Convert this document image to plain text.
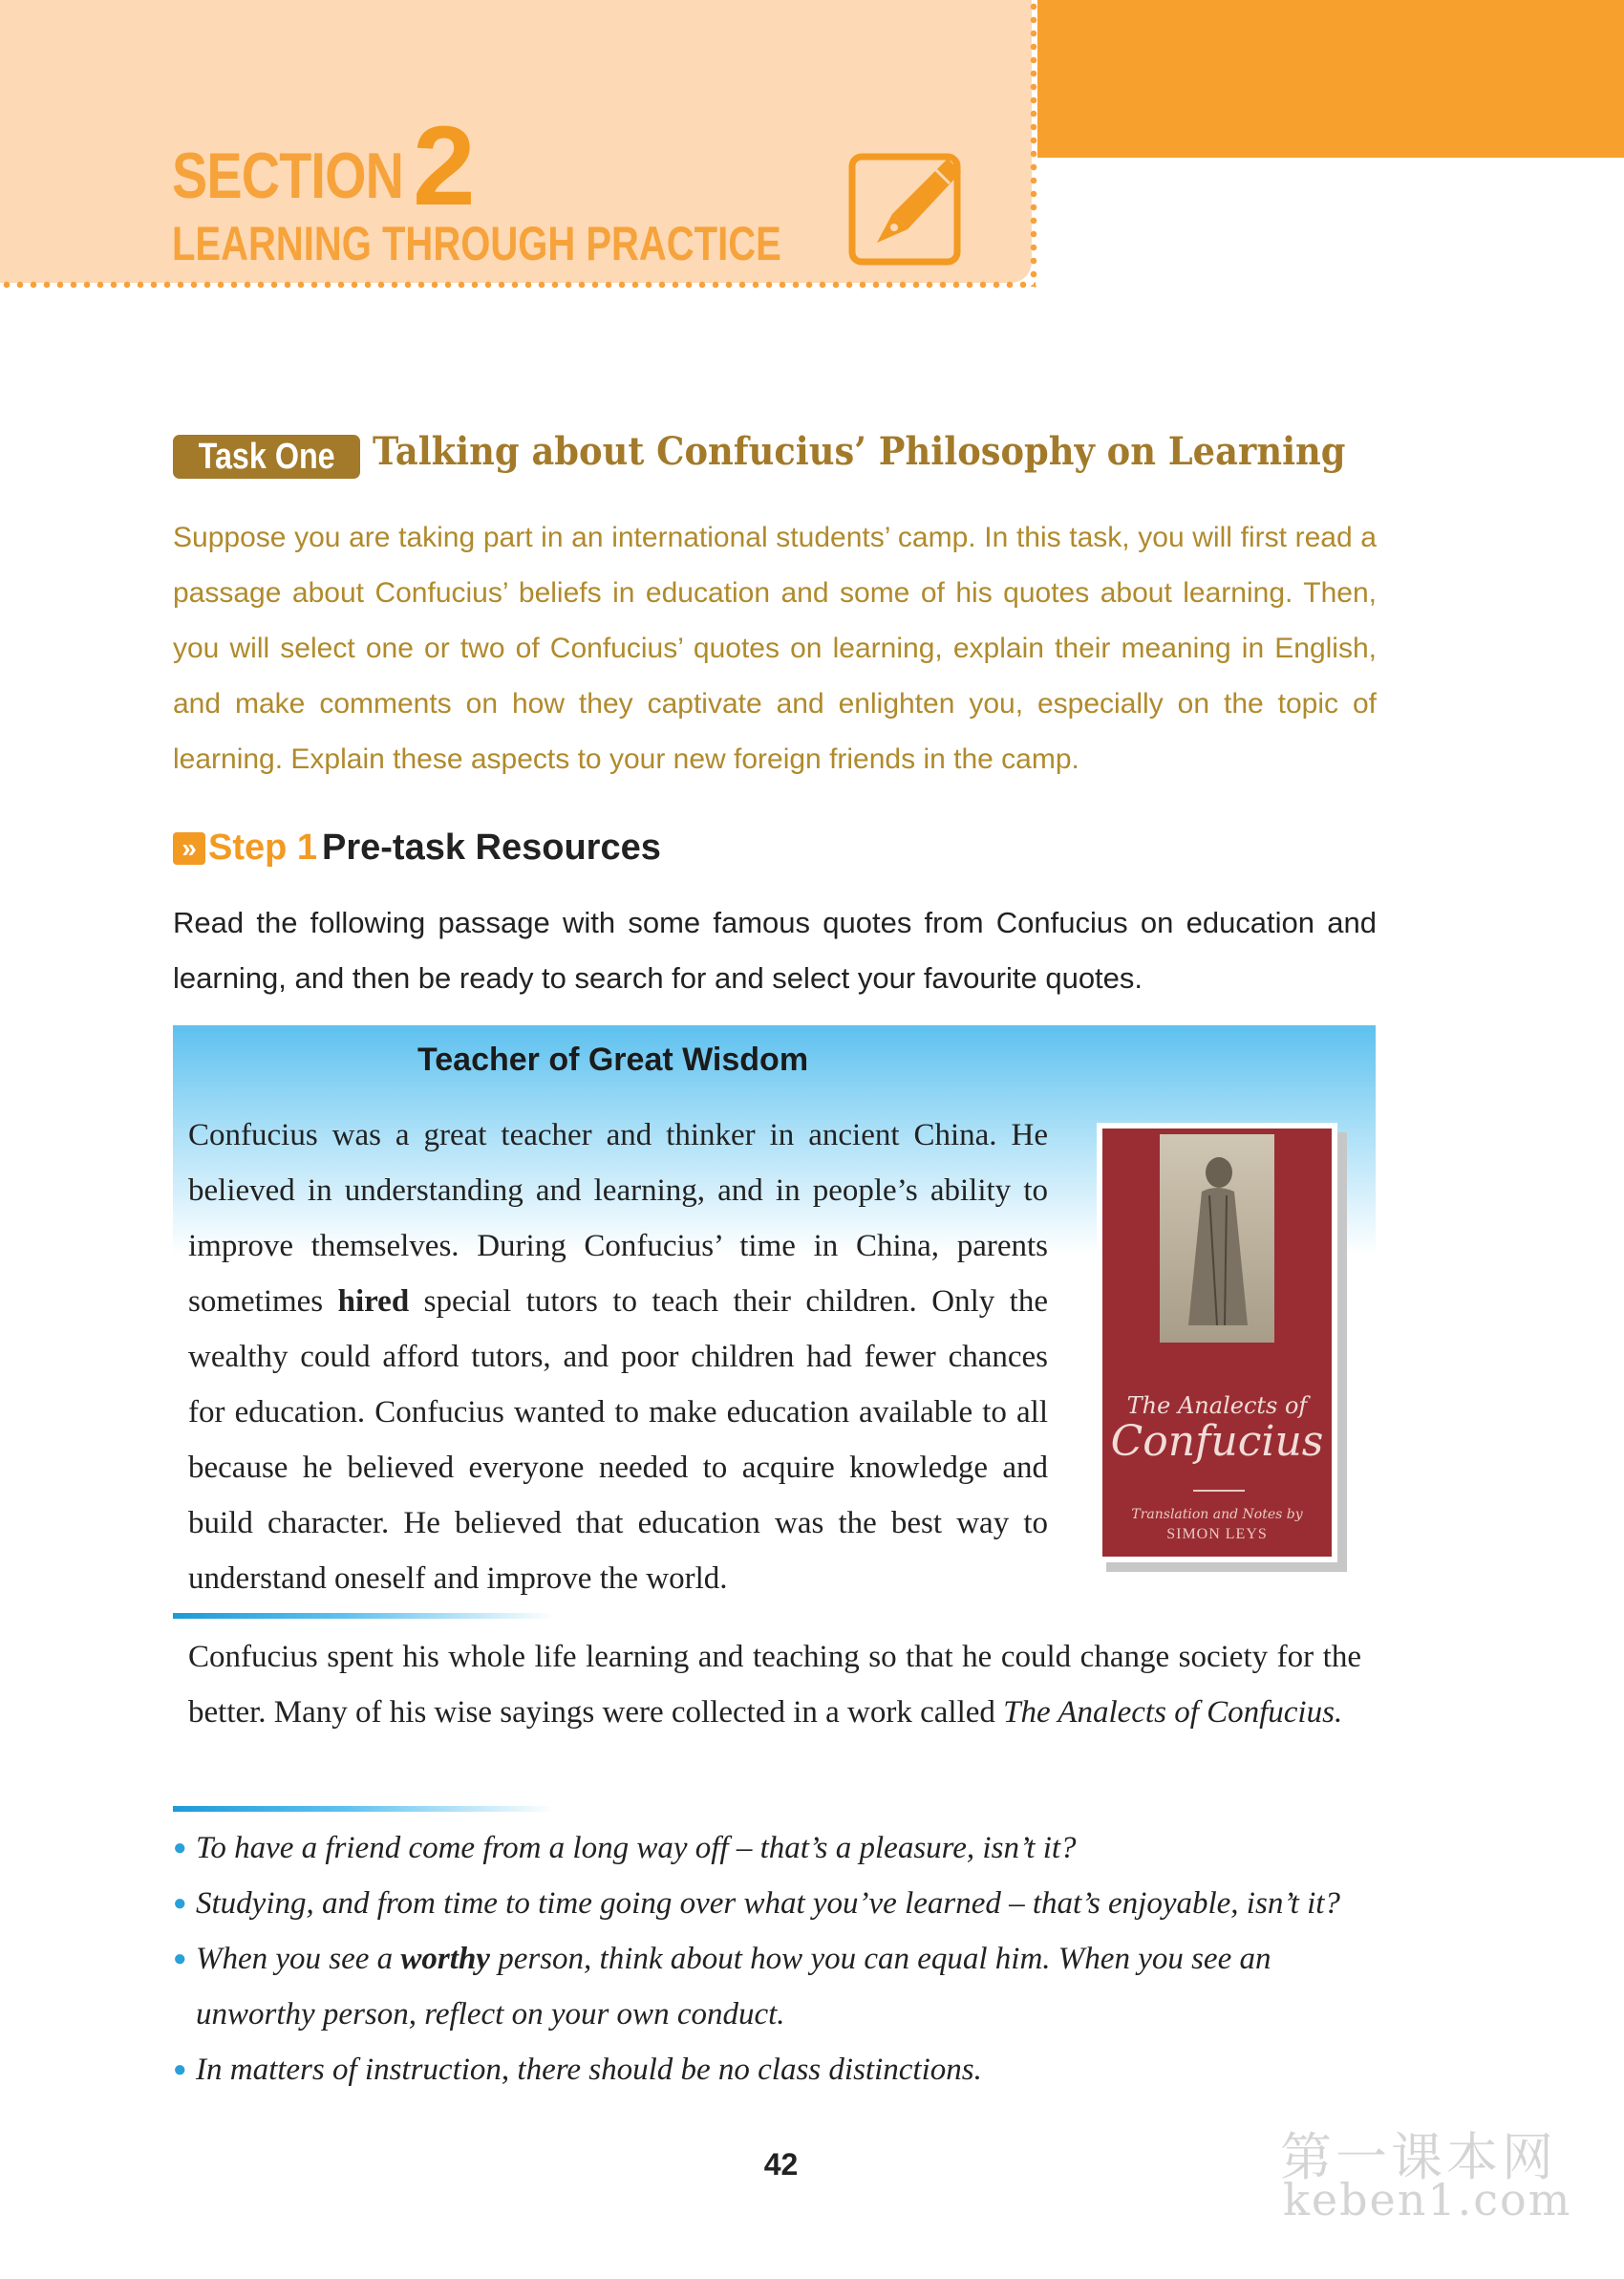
SECTION 2
LEARNING THROUGH PRACTICE
Task One Talking about Confucius’ Philosophy on Learning
Suppose you are taking part in an international students’ camp. In this task, you will first read a passage about Confucius’ beliefs in education and some of his quotes about learning. Then, you will select one or two of Confucius’ quotes on learning, explain their meaning in English, and make comments on how they captivate and enlighten you, especially on the topic of learning. Explain these aspects to your new foreign friends in the camp.
» Step 1 Pre-task Resources
Read the following passage with some famous quotes from Confucius on education and learning, and then be ready to search for and select your favourite quotes.
Teacher of Great Wisdom
Confucius was a great teacher and thinker in ancient China. He believed in understanding and learning, and in people’s ability to improve themselves. During Confucius’ time in China, parents sometimes hired special tutors to teach their children. Only the wealthy could afford tutors, and poor children had fewer chances for education. Confucius wanted to make education available to all because he believed everyone needed to acquire knowledge and build character. He believed that education was the best way to understand oneself and improve the world.
The Analects of
Confucius
Translation and Notes by
SIMON LEYS
Confucius spent his whole life learning and teaching so that he could change society for the better. Many of his wise sayings were collected in a work called The Analects of Confucius.
● To have a friend come from a long way off – that’s a pleasure, isn’t it?
● Studying, and from time to time going over what you’ve learned – that’s enjoyable, isn’t it?
● When you see a worthy person, think about how you can equal him. When you see an unworthy person, reflect on your own conduct.
● In matters of instruction, there should be no class distinctions.
42	第一课本网
keben1.com
